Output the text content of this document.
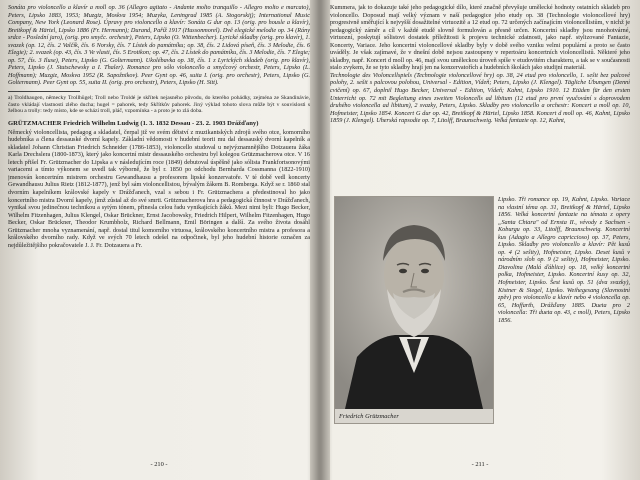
Sonáta pro violoncello a klavír a moll op. 36 (Allegro agitato - Andante molto tranquillo - Allegro molto e marcato), Peters, Lipsko 1883, 1953; Muzgiz, Moskva 1954; Muzyka, Leningrad 1985 (A. Stogorskij); International Music Company, New York (Leonard Rose). Úpravy pro violoncello a klavír: Sonáta G dur op. 13 (orig. pro housle a klavír), Breitkopf & Härtel, Lipsko 1886 (Fr. Hermann); Durand, Paříž 1917 (Hussonmorel). Dvě elegické melodie op. 34 (Rány srdce - Poslední jaro), (orig. pro smyčc. orchestr), Peters, Lipsko (O. Wittenbecher). Lyrické skladby (orig. pro klavír), 1. svazek (op. 12, čís. 2 Valčík, čís. 6 Norsky, čís. 7 Lístek do památníku; op. 38, čís. 2 Lidová píseň, čís. 3 Melodie, čís. 6 Elegie); 2. svazek (op. 43, čís. 3 Ve vlasti, čís. 5 Erotikon; op. 47, čís. 2 Lístek do památníku, čís. 3 Melodie, čís. 7 Elegie; op. 57, čís. 3 Iluse), Peters, Lipsko (G. Goltermann). Ukolébavka op. 38, čís. 1 z Lyrických skladeb (orig. pro klavír), Peters, Lipsko (J. Stutschewsky a I. Thaler). Romance pro sólo violoncello a smyčcový orchestr, Peters, Lipsko (L. Hoffmann); Muzgiz, Moskva 1952 (R. Sapožnikov). Peer Gynt op. 46, suita I. (orig. pro orchestr), Peters, Lipsko (G. Goltermann). Peer Gynt op. 55, suita II. (orig. pro orchestr), Peters, Lipsko (H. Sitt).

a) Troldhaugen, německy Trollhügel; Troll nebo Troldé je skřítek nejasného původu, do kterého pohádky, zejména ze Skandinávie, často vkládají vlastnosti zlého ducha; hugel = pahorek, tedy Skřítkův pahorek. Jiný výklad tohoto slova může být v souvislosti s želbou a trolly: tedy místo, kde se schází troll, pláč, vzpomínka - a proto je to zlá doba.

GRÜTZMACHER Friedrich Wilhelm Ludwig (1. 3. 1832 Dessau - 23. 2. 1903 Drážďany)

Německý violoncellista, pedagog a skladatel, čerpal již ve svém dětství z muzikantských zdrojů svého otce, komorního hudebníka a člena dessauské dvorní kapely. Základní vědomosti v hudební teorii mu dal dessauský dvorní kapelník a skladatel Johann Christian Friedrich Schneider (1786-1853), violoncello studoval u nejvýznamnějšího Dotzauera žáka Karla Drechslera (1800-1873), který jako koncertní mistr dessauského orchestru byl kolegou Grützmacherova otce. V 16 letech přišel Fr. Grützmacher do Lipska a v následujícím roce (1849) debutoval úspěšně jako sólista Frankfortsonovými variacemi a tímto výkonem se uvedl tak výborně, že byl r. 1850 po odchodu Bernharda Cossmanna (1822-1910) jmenován koncertním mistrem orchestru Gewandhausu a profesorem lipské konzervatoře. V té době vedl koncerty Gewandhausu Julius Rietz (1812-1877), jenž byl sám violoncellistou, bývalým žákem B. Romberga. Když se r. 1860 stal dvorním kapelníkem královské kapely v Drážďanech, vzal s sebou i Fr. Grützmachera a předestinoval ho jako koncertního mistra Dvorní kapely, jímž zůstal až do své smrti. Grützmacherova hra a pedagogická činnost v Drážďanech, vynikal svou jedinečnou technikou a sytým tónem, přinesla celou řadu vynikajících žáků. Mezi nimi byli: Hugo Becker, Wilhelm Fitzenhagen, Julius Klengel, Oskar Brückner, Ernst Jacobowsky, Friedrich Hilpert, Wilhelm Fitzenhagen, Hugo Becker, Oskar Brückner, Theodor Krumbholz, Richard Bellmann, Emil Böringen a další. Za svého života dosáhl Grützmacher mnoha vyznamenání, např. dostal titul komorního virtuosa, královského koncertního mistra a profesora a královského dvorního rady. Když ve svých 70 letech odešel na odpočinek, byl jeho hudební historie označen za nejdůležitějšího pokračovatele J. J. Fr. Dotzauera a Fr.

- 210 -

Kummera, jak to dokazuje také jeho pedagogické dílo, které značně převyšuje umělecké hodnoty ostatních skladeb pro violoncello. Doposud mají velký význam v naší pedagogice jeho etudy op. 38 (Technologie violoncellové hry) progresivně směřující k nejvyšší dosažitelné virtuozitě a 12 etud op. 72 určených začínajícím violoncellistům, v nichž je pedagogický záměr a cíl v každé etudě slovně formulován a přesně určen. Koncertní skladby jsou mnohotvárné, virtuozní, poskytují sólistovi dostatek příležitosti k projevu technické zdatnosti, jako např. stylizované Fantazie, Koncerty, Variace. Jeho koncertní violoncellové skladby byly v době svého vzniku velmi populární a proto se často uváděly. Je však zajímavé, že v dnešní době nejsou zastoupeny v repertoáru koncertních violoncellistů. Některé jeho skladby, např. Koncert d moll op. 46, mají svou uměleckou úroveň spíše v etudovitém charakteru, a tak se v současnosti stalo zvykem, že se tyto skladby hrají jen na konzervatořích a hudebních školách jako studijní materiál.

Technologie des Violoncellspiels (Technologie violoncellové hry) op. 38, 24 etud pro violoncello, 1. sešit bez palcové polohy, 2. sešit s palcovou polohou, Universal - Edition, Vídeň; Peters, Lipsko (J. Klengel). Tägliche Übungen (Denní cvičení) op. 67, doplnil Hugo Becker, Universal - Edition, Vídeň; Kahnt, Lipsko 1910. 12 Etüden für den ersten Unterricht op. 72 mit Begleitung eines zweiten Violoncells ad libitum (12 etud pro první vyučování s doprovodem druhého violoncella ad libitum), 2 svazky, Peters, Lipsko. Skladby pro violoncello a orchestr: Koncert a moll op. 10, Hofmeister, Lipsko 1854. Koncert G dur op. 42, Breitkopf & Härtel, Lipsko 1858. Koncert d moll op. 46, Kahnt, Lipsko 1859 (J. Klengel). Uherská rapsodie op. 7, Litolff, Braunschweig. Velká fantazie op. 12, Kahnt,

Friedrich Grützmacher

Lipsko. Tři romance op. 19, Kahnt, Lipsko. Variace na vlastní téma op. 31, Breitkopf & Härtel, Lipsko 1856. Velká koncertní fantazie na témata z opery „Santa Chiara" od Ernsta II., vévody z Sachsen - Koburgu op. 33, Litolff, Braunschweig. Koncertní kus (Adagio a Allegro capriccioso) op. 37, Peters, Lipsko. Skladby pro violoncello a klavír: Pět kusů op. 4 (2 sešity), Hofmeister, Lipsko. Deset kusů v národním sloh op. 9 (2 sešity), Hofmeister, Lipsko. Diavolina (Malá ďáblice) op. 18, velký koncertní polka, Hofmeister, Lipsko. Koncertní kusy op. 32, Hofmeister, Lipsko. Šest kusů op. 51 (dva svazky), Kistner & Siegel, Lipsko. Weihegesang (Slavnostní zpěv) pro violoncello a klavír nebo 4 violoncella op. 65, Hoffarth, Drážďany 1885. Dueta pro 2 violoncella: Tři dueta op. 43, c moll), Peters, Lipsko 1856.

- 211 -
